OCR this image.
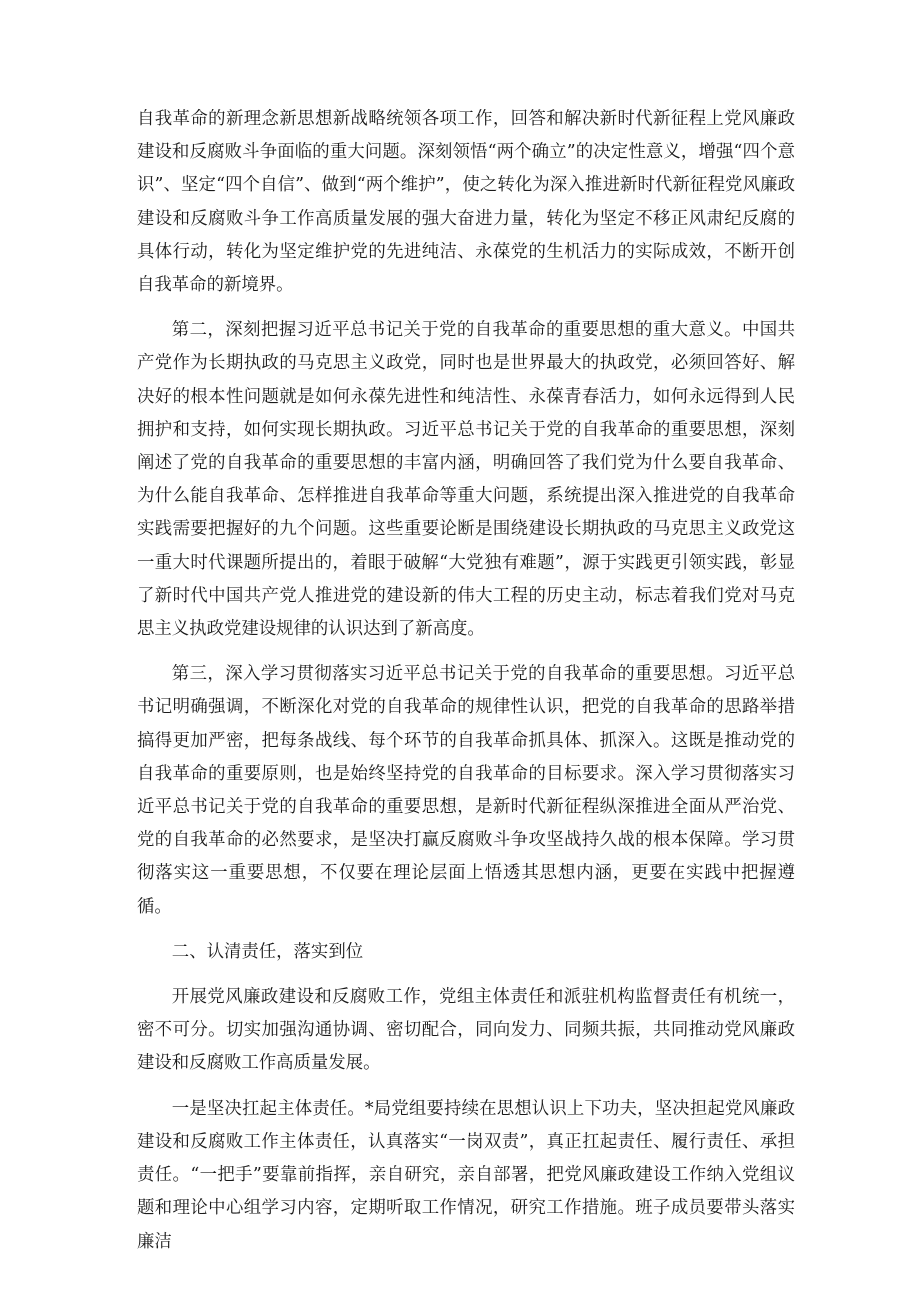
自我革命的新理念新思想新战略统领各项工作，回答和解决新时代新征程上党风廉政建设和反腐败斗争面临的重大问题。深刻领悟“两个确立”的决定性意义，增强“四个意识”、坚定“四个自信”、做到“两个维护”，使之转化为深入推进新时代新征程党风廉政建设和反腐败斗争工作高质量发展的强大奋进力量，转化为坚定不移正风肃纪反腐的具体行动，转化为坚定维护党的先进纯洁、永葆党的生机活力的实际成效，不断开创自我革命的新境界。

第二，深刻把握习近平总书记关于党的自我革命的重要思想的重大意义。中国共产党作为长期执政的马克思主义政党，同时也是世界最大的执政党，必须回答好、解决好的根本性问题就是如何永葆先进性和纯洁性、永葆青春活力，如何永远得到人民拥护和支持，如何实现长期执政。习近平总书记关于党的自我革命的重要思想，深刻阐述了党的自我革命的重要思想的丰富内涵，明确回答了我们党为什么要自我革命、为什么能自我革命、怎样推进自我革命等重大问题，系统提出深入推进党的自我革命实践需要把握好的九个问题。这些重要论断是围绕建设长期执政的马克思主义政党这一重大时代课题所提出的，着眼于破解“大党独有难题”，源于实践更引领实践，彰显了新时代中国共产党人推进党的建设新的伟大工程的历史主动，标志着我们党对马克思主义执政党建设规律的认识达到了新高度。

第三，深入学习贯彻落实习近平总书记关于党的自我革命的重要思想。习近平总书记明确强调，不断深化对党的自我革命的规律性认识，把党的自我革命的思路举措搞得更加严密，把每条战线、每个环节的自我革命抓具体、抓深入。这既是推动党的自我革命的重要原则，也是始终坚持党的自我革命的目标要求。深入学习贯彻落实习近平总书记关于党的自我革命的重要思想，是新时代新征程纵深推进全面从严治党、党的自我革命的必然要求，是坚决打赢反腐败斗争攻坚战持久战的根本保障。学习贯彻落实这一重要思想，不仅要在理论层面上悟透其思想内涵，更要在实践中把握遵循。

二、认清责任，落实到位

开展党风廉政建设和反腐败工作，党组主体责任和派驻机构监督责任有机统一，密不可分。切实加强沟通协调、密切配合，同向发力、同频共振，共同推动党风廉政建设和反腐败工作高质量发展。

一是坚决扛起主体责任。*局党组要持续在思想认识上下功夫，坚决担起党风廉政建设和反腐败工作主体责任，认真落实“一岗双责”，真正扛起责任、履行责任、承担责任。“一把手”要靠前指挥，亲自研究，亲自部署，把党风廉政建设工作纳入党组议题和理论中心组学习内容，定期听取工作情况，研究工作措施。班子成员要带头落实廉洁
